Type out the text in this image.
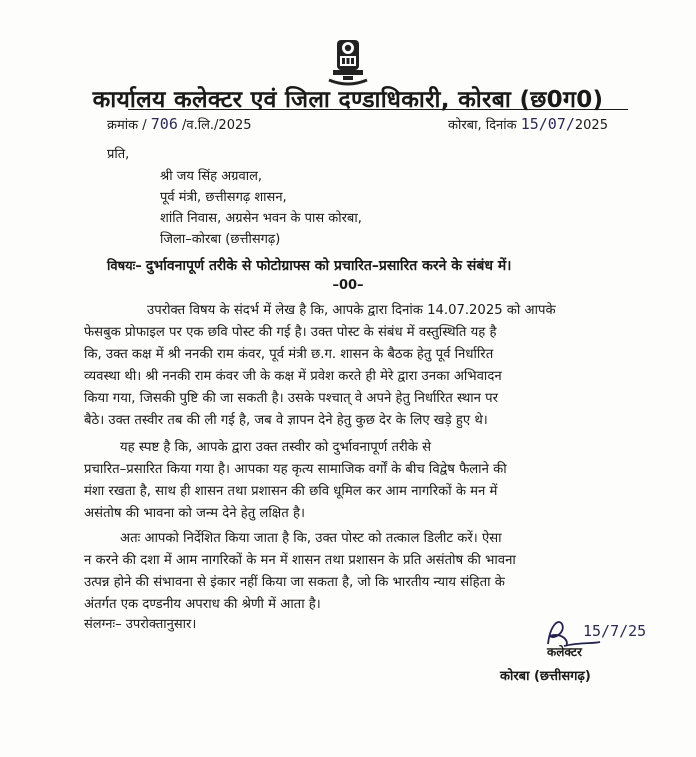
कार्यालय कलेक्टर एवं जिला दण्डाधिकारी, कोरबा (छ0ग0)
क्रमांक / 706 /व.लि./2025	कोरबा, दिनांक 15/07/2025
प्रति,
श्री जय सिंह अग्रवाल,
पूर्व मंत्री, छत्तीसगढ़ शासन,
शांति निवास, अग्रसेन भवन के पास कोरबा,
जिला–कोरबा (छत्तीसगढ़)
विषयः– दुर्भावनापूर्ण तरीके से फोटोग्राफ्स को प्रचारित–प्रसारित करने के संबंध में।
–00–
उपरोक्त विषय के संदर्भ में लेख है कि, आपके द्वारा दिनांक 14.07.2025 को आपके
फेसबुक प्रोफाइल पर एक छवि पोस्ट की गई है। उक्त पोस्ट के संबंध में वस्तुस्थिति यह है
कि, उक्त कक्ष में श्री ननकी राम कंवर, पूर्व मंत्री छ.ग. शासन के बैठक हेतु पूर्व निर्धारित
व्यवस्था थी। श्री ननकी राम कंवर जी के कक्ष में प्रवेश करते ही मेरे द्वारा उनका अभिवादन
किया गया, जिसकी पुष्टि की जा सकती है। उसके पश्चात् वे अपने हेतु निर्धारित स्थान पर
बैठे। उक्त तस्वीर तब की ली गई है, जब वे ज्ञापन देने हेतु कुछ देर के लिए खड़े हुए थे।
यह स्पष्ट है कि, आपके द्वारा उक्त तस्वीर को दुर्भावनापूर्ण तरीके से
प्रचारित–प्रसारित किया गया है। आपका यह कृत्य सामाजिक वर्गों के बीच विद्वेष फैलाने की
मंशा रखता है, साथ ही शासन तथा प्रशासन की छवि धूमिल कर आम नागरिकों के मन में
असंतोष की भावना को जन्म देने हेतु लक्षित है।
अतः आपको निर्देशित किया जाता है कि, उक्त पोस्ट को तत्काल डिलीट करें। ऐसा
न करने की दशा में आम नागरिकों के मन में शासन तथा प्रशासन के प्रति असंतोष की भावना
उत्पन्न होने की संभावना से इंकार नहीं किया जा सकता है, जो कि भारतीय न्याय संहिता के
अंतर्गत एक दण्डनीय अपराध की श्रेणी में आता है।
संलग्नः– उपरोक्तानुसार।	15/7/25
कलेक्टर
कोरबा (छत्तीसगढ़)
